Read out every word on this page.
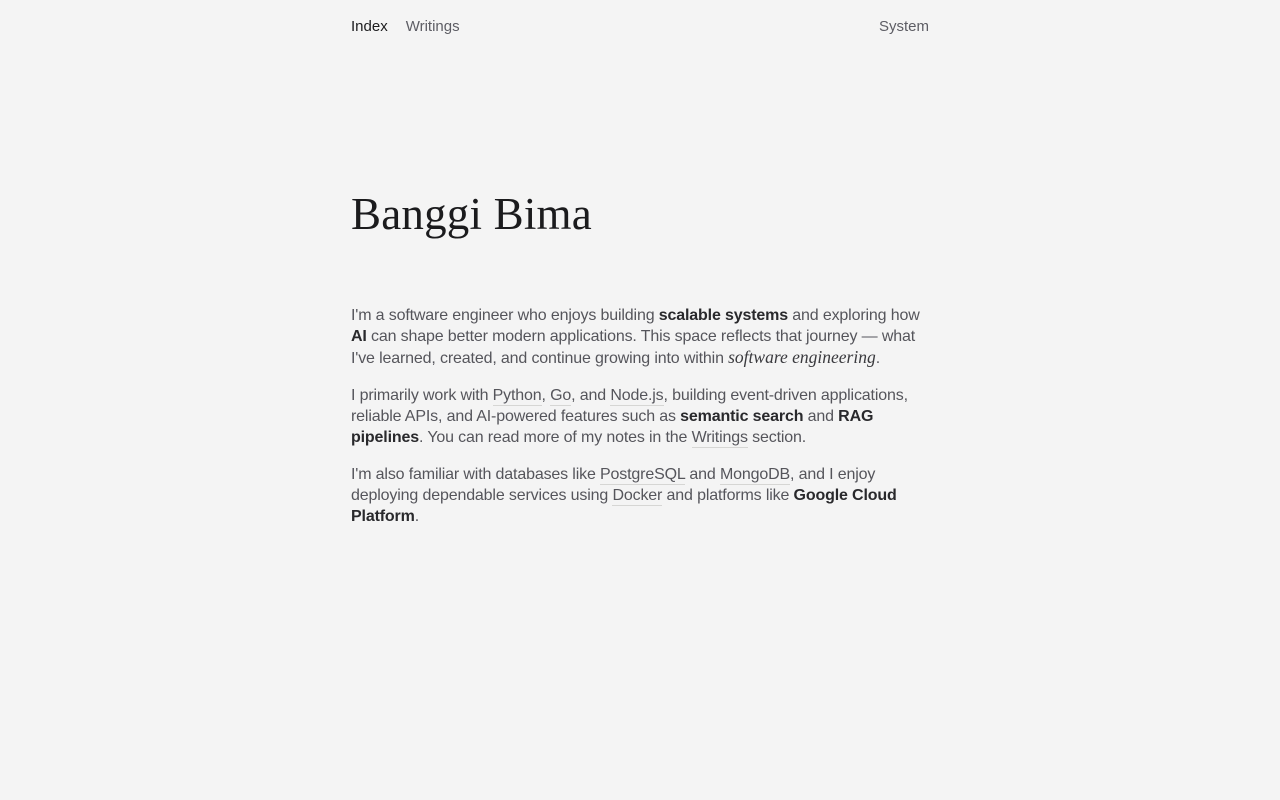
Index Writings	System
Banggi Bima

I'm a software engineer who enjoys building scalable systems and exploring how AI can shape better modern applications. This space reflects that journey — what I've learned, created, and continue growing into within software engineering.

I primarily work with Python, Go, and Node.js, building event-driven applications, reliable APIs, and AI-powered features such as semantic search and RAG pipelines. You can read more of my notes in the Writings section.

I'm also familiar with databases like PostgreSQL and MongoDB, and I enjoy deploying dependable services using Docker and platforms like Google Cloud Platform.
